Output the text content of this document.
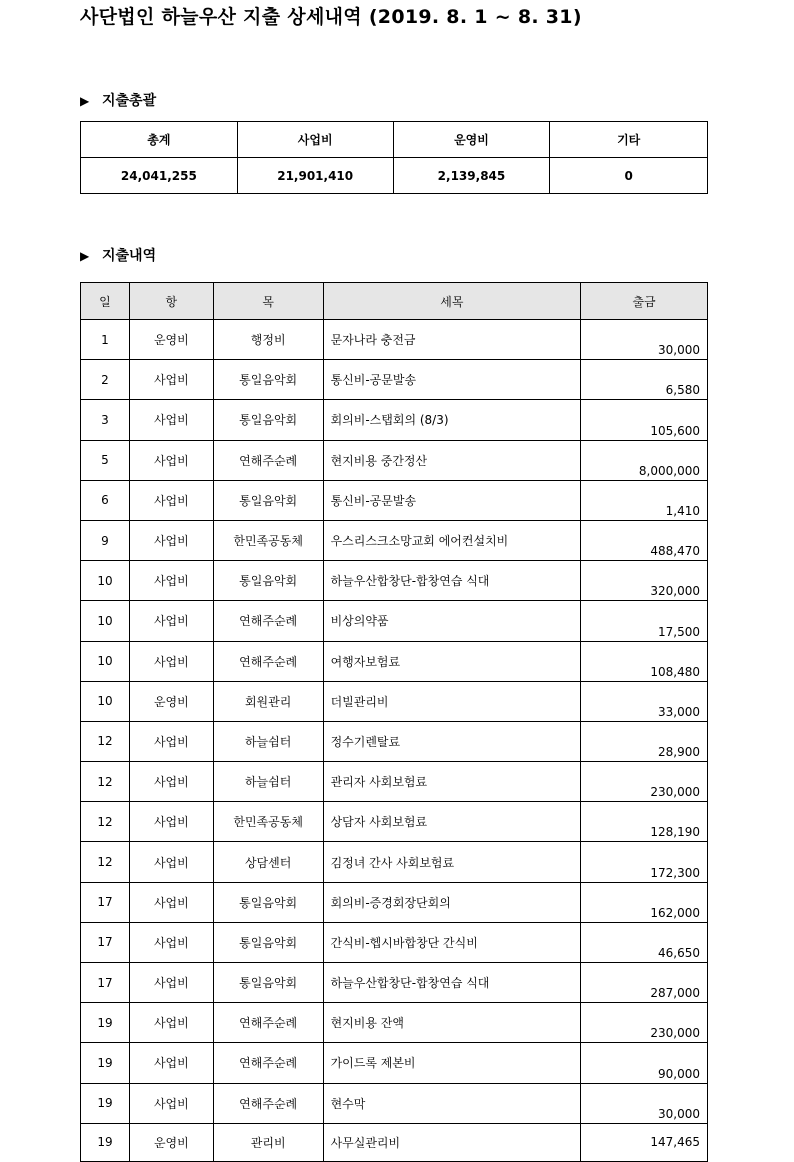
사단법인 하늘우산 지출 상세내역 (2019. 8. 1 ~ 8. 31)
▶ 지출총괄
총계	사업비	운영비	기타
24,041,255	21,901,410	2,139,845	0
▶ 지출내역
일	항	목	세목	출금
1	운영비	행정비	문자나라 충전금	30,000
2	사업비	통일음악회	통신비-공문발송	6,580
3	사업비	통일음악회	회의비-스탭회의 (8/3)	105,600
5	사업비	연해주순례	현지비용 중간정산	8,000,000
6	사업비	통일음악회	통신비-공문발송	1,410
9	사업비	한민족공동체	우스리스크소망교회 에어컨설치비	488,470
10	사업비	통일음악회	하늘우산합창단-합창연습 식대	320,000
10	사업비	연해주순례	비상의약품	17,500
10	사업비	연해주순례	여행자보험료	108,480
10	운영비	회원관리	더빌관리비	33,000
12	사업비	하늘쉼터	정수기렌탈료	28,900
12	사업비	하늘쉼터	관리자 사회보험료	230,000
12	사업비	한민족공동체	상담자 사회보험료	128,190
12	사업비	상담센터	김정녀 간사 사회보험료	172,300
17	사업비	통일음악회	회의비-증경회장단회의	162,000
17	사업비	통일음악회	간식비-헵시바합창단 간식비	46,650
17	사업비	통일음악회	하늘우산합창단-합창연습 식대	287,000
19	사업비	연해주순례	현지비용 잔액	230,000
19	사업비	연해주순례	가이드록 제본비	90,000
19	사업비	연해주순례	현수막	30,000
19	운영비	관리비	사무실관리비	147,465
